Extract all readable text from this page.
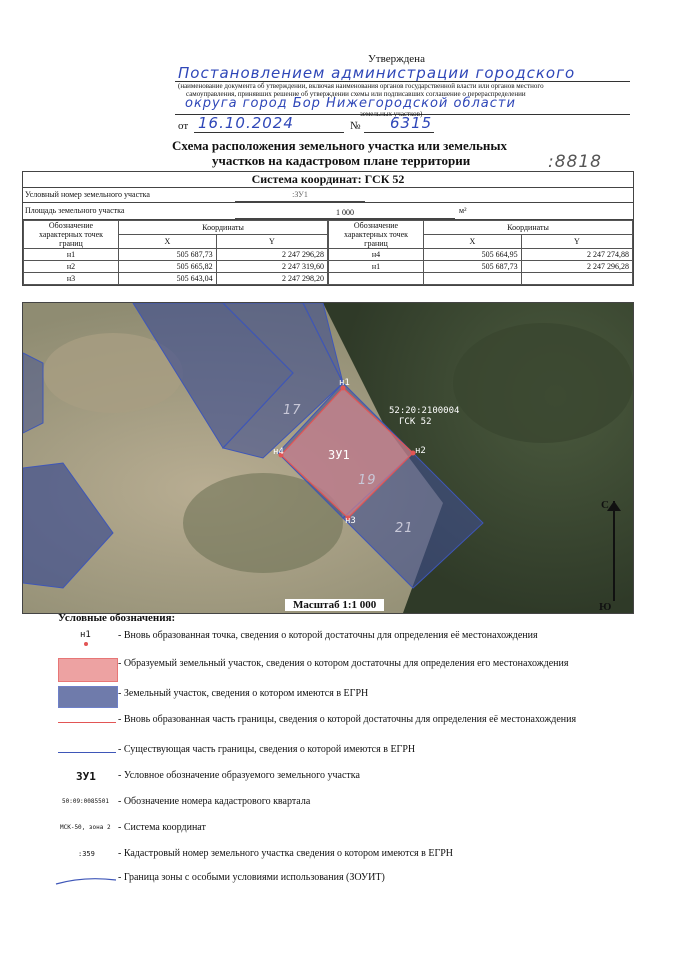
Утверждена
Постановлением администрации городского
(наименование документа об утверждении, включая наименования органов государственной власти или органов местного
самоуправления, принявших решение об утверждении схемы или подписавших соглашение о перераспределении
округа город Бор Нижегородской области
земельных участков)
от 16.10.2024	№ 6315
Схема расположения земельного участка или земельных
участков на кадастровом плане территории	:8818
Система координат: ГСК 52
Условный номер земельного участка	:ЗУ1
Площадь земельного участка	1 000	м²
Обозначение характерных точек границ	Координаты	
	X	Y
н1	505 687,73	2 247 296,28
н2	505 665,82	2 247 319,60
н3	505 643,04	2 247 298,20
Обозначение характерных точек границ	Координаты	
	X	Y
н4	505 664,95	2 247 274,88
н1	505 687,73	2 247 296,28

н1
н2
н3
н4	ЗУ1
52:20:2100004
ГСК 52
17
19
21
С
Ю
Масштаб 1:1 000
Условные обозначения:
н1	- Вновь образованная точка, сведения о которой достаточны для определения её местонахождения
- Образуемый земельный участок, сведения о котором достаточны для определения его местонахождения
- Земельный участок, сведения о котором имеются в ЕГРН
- Вновь образованная часть границы, сведения о которой достаточны для определения её местонахождения
- Существующая часть границы, сведения о которой имеются в ЕГРН
ЗУ1 - Условное обозначение образуемого земельного участка
50:09:0085501 - Обозначение номера кадастрового квартала
МСК-50, зона 2 - Система координат
:359 - Кадастровый номер земельного участка сведения о котором имеются в ЕГРН
- Граница зоны с особыми условиями использования (ЗОУИТ)
